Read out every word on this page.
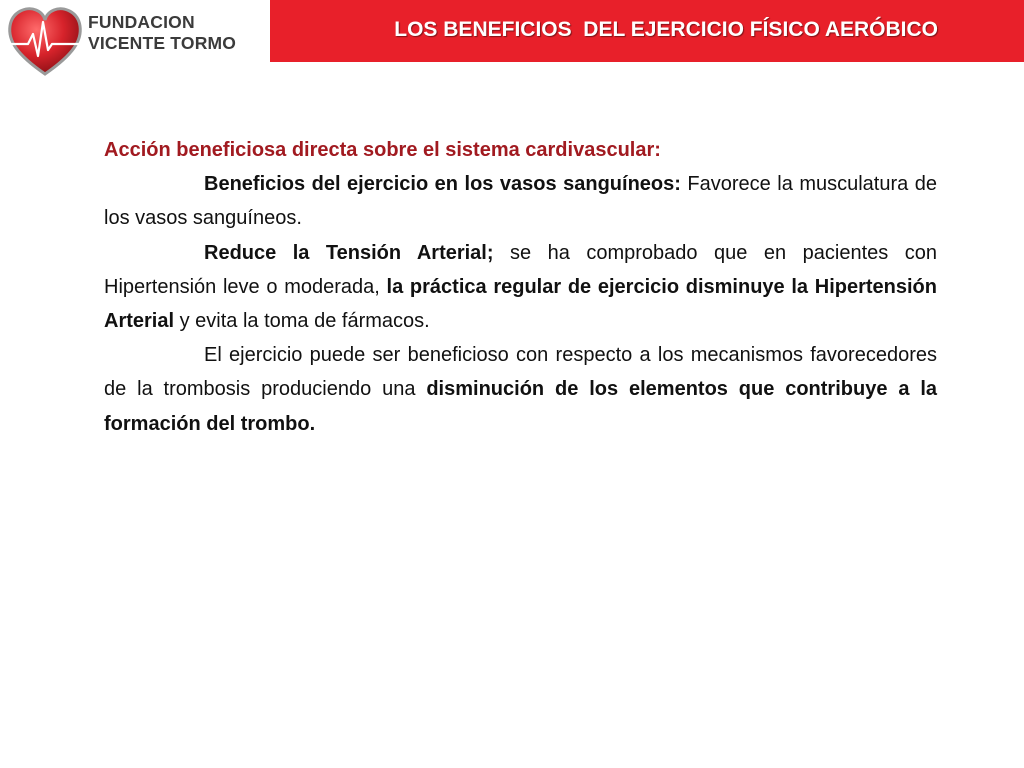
FUNDACION
VICENTE TORMO
LOS BENEFICIOS  DEL EJERCICIO FÍSICO AERÓBICO

Acción beneficiosa directa sobre el sistema cardivascular:

Beneficios del ejercicio en los vasos sanguíneos: Favorece la musculatura de los vasos sanguíneos.

Reduce la Tensión Arterial; se ha comprobado que en pacientes con Hipertensión leve o moderada, la práctica regular de ejercicio disminuye la Hipertensión Arterial y evita la toma de fármacos.

El ejercicio puede ser beneficioso con respecto a los mecanismos favorecedores de la trombosis produciendo una disminución de los elementos que contribuye a la formación del trombo.
